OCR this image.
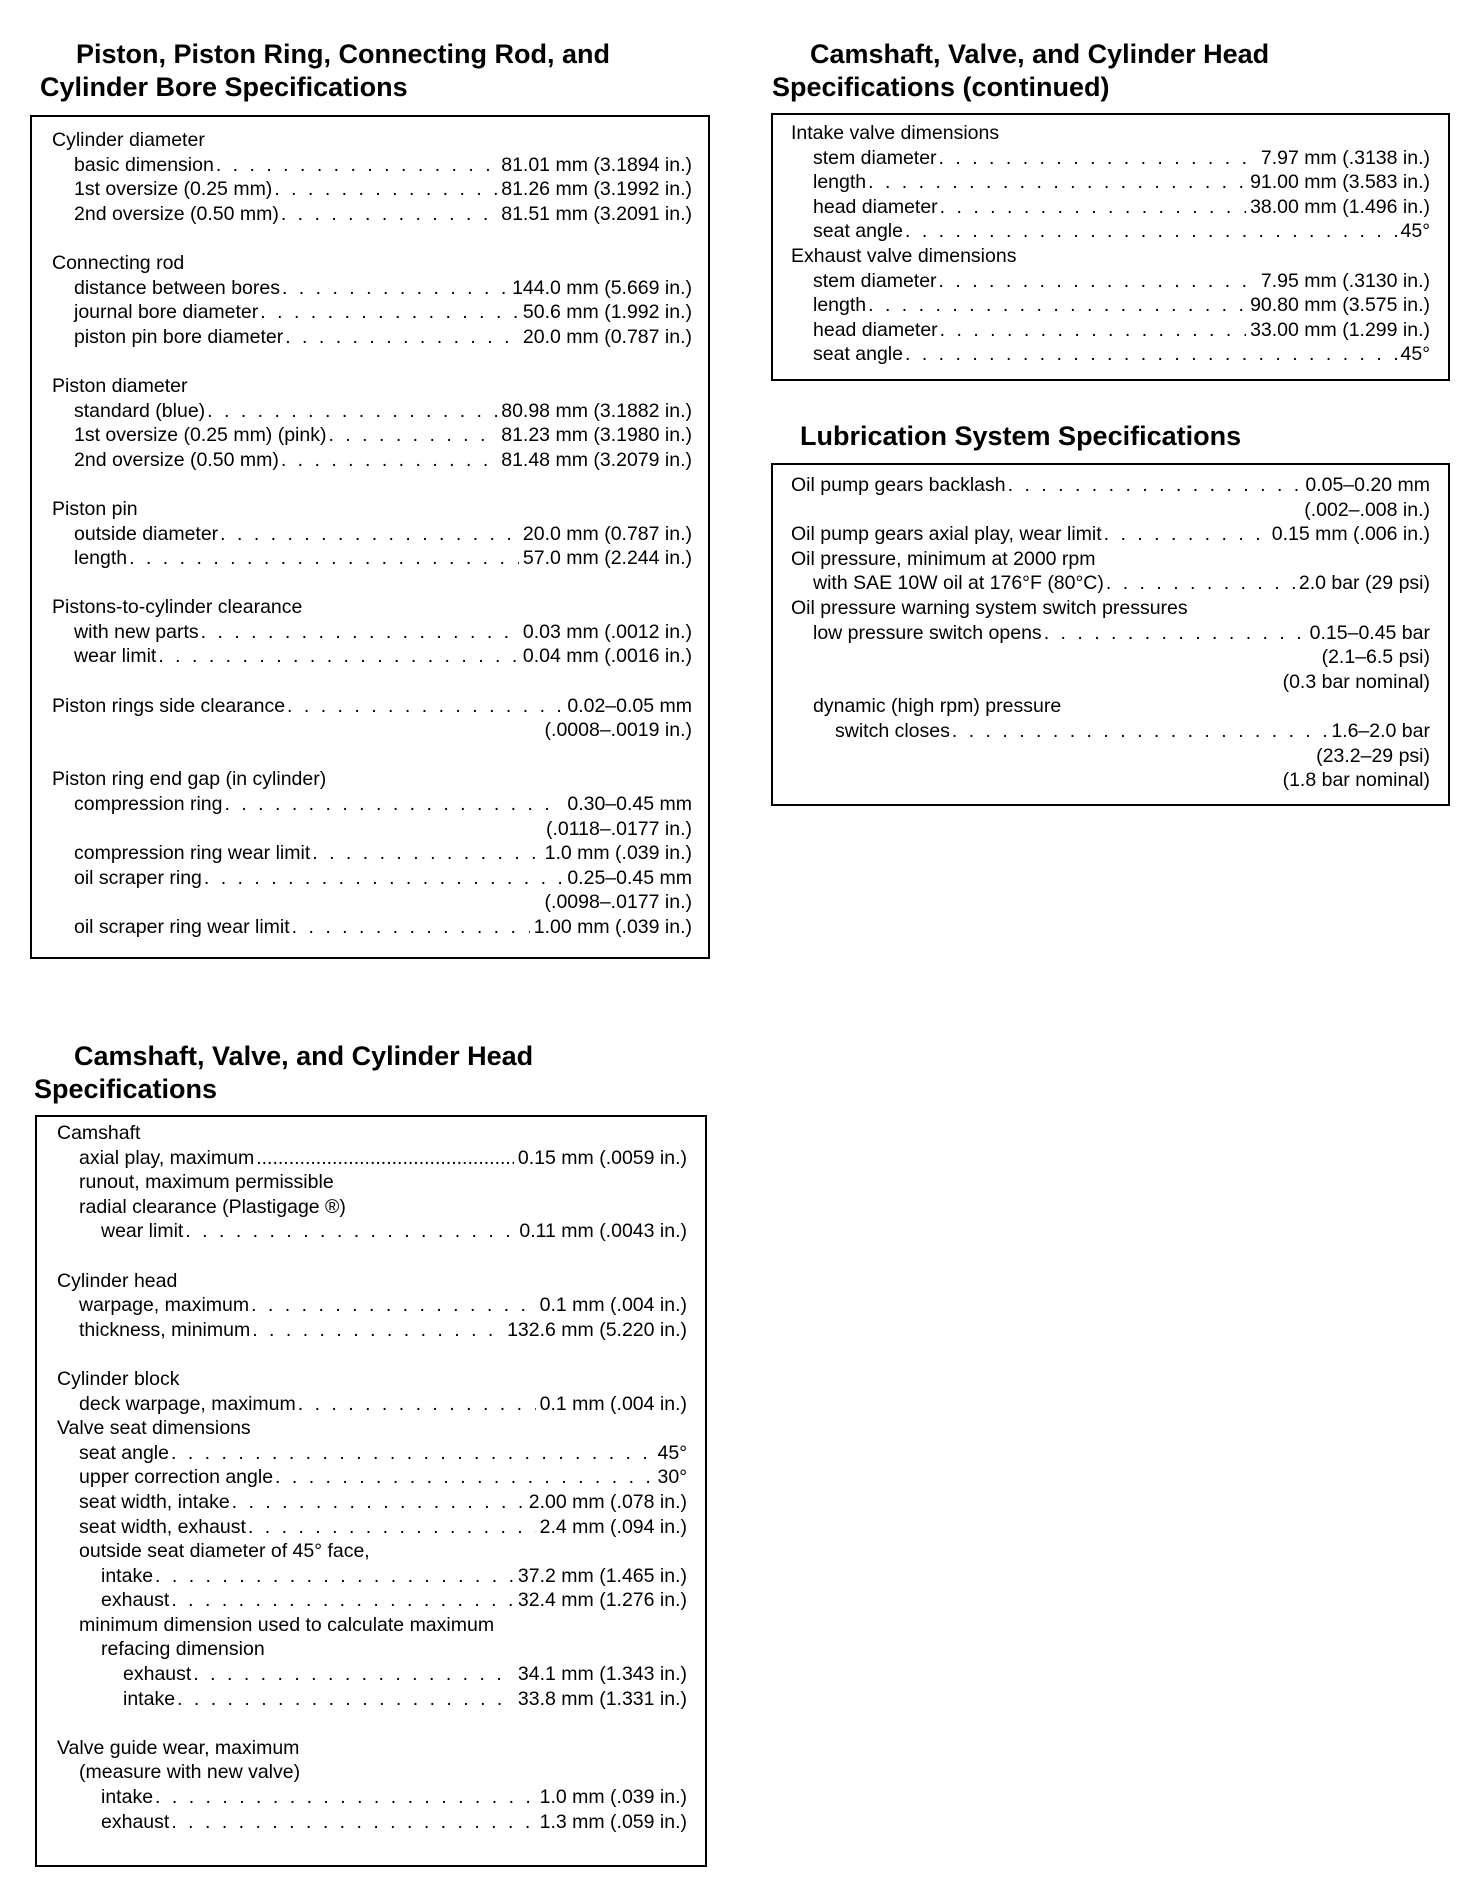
Piston, Piston Ring, Connecting Rod, and
Cylinder Bore Specifications
Cylinder diameter
basic dimension . . .	81.01 mm (3.1894 in.)
1st oversize (0.25 mm) . . .	81.26 mm (3.1992 in.)
2nd oversize (0.50 mm) . . .	81.51 mm (3.2091 in.)
Connecting rod
distance between bores . . .	144.0 mm (5.669 in.)
journal bore diameter . . .	50.6 mm (1.992 in.)
piston pin bore diameter . . .	20.0 mm (0.787 in.)
Piston diameter
standard (blue) . . .	80.98 mm (3.1882 in.)
1st oversize (0.25 mm) (pink) . . .	81.23 mm (3.1980 in.)
2nd oversize (0.50 mm) . . .	81.48 mm (3.2079 in.)
Piston pin
outside diameter . . .	20.0 mm (0.787 in.)
length . . .	57.0 mm (2.244 in.)
Pistons-to-cylinder clearance
with new parts . . .	0.03 mm (.0012 in.)
wear limit . . .	0.04 mm (.0016 in.)
Piston rings side clearance . . .	0.02–0.05 mm
(.0008–.0019 in.)
Piston ring end gap (in cylinder)
compression ring . . .	0.30–0.45 mm
(.0118–.0177 in.)
compression ring wear limit . . .	1.0 mm (.039 in.)
oil scraper ring . . .	0.25–0.45 mm
(.0098–.0177 in.)
oil scraper ring wear limit . . .	1.00 mm (.039 in.)
Camshaft, Valve, and Cylinder Head
Specifications
Camshaft
axial play, maximum .....	0.15 mm (.0059 in.)
runout, maximum permissible
radial clearance (Plastigage ®)
wear limit . . .	0.11 mm (.0043 in.)
Cylinder head
warpage, maximum . . .	0.1 mm (.004 in.)
thickness, minimum . . .	132.6 mm (5.220 in.)
Cylinder block
deck warpage, maximum . . .	0.1 mm (.004 in.)
Valve seat dimensions
seat angle . . .	45°
upper correction angle . . .	30°
seat width, intake . . .	2.00 mm (.078 in.)
seat width, exhaust . . .	2.4 mm (.094 in.)
outside seat diameter of 45° face,
intake . . .	37.2 mm (1.465 in.)
exhaust . . .	32.4 mm (1.276 in.)
minimum dimension used to calculate maximum
refacing dimension
exhaust . . .	34.1 mm (1.343 in.)
intake . . .	33.8 mm (1.331 in.)
Valve guide wear, maximum
(measure with new valve)
intake . . .	1.0 mm (.039 in.)
exhaust . . .	1.3 mm (.059 in.)
Camshaft, Valve, and Cylinder Head
Specifications (continued)
Intake valve dimensions
stem diameter . . .	7.97 mm (.3138 in.)
length . . .	91.00 mm (3.583 in.)
head diameter . . .	38.00 mm (1.496 in.)
seat angle . . .	45°
Exhaust valve dimensions
stem diameter . . .	7.95 mm (.3130 in.)
length . . .	90.80 mm (3.575 in.)
head diameter . . .	33.00 mm (1.299 in.)
seat angle . . .	45°
Lubrication System Specifications
Oil pump gears backlash . . .	0.05–0.20 mm
(.002–.008 in.)
Oil pump gears axial play, wear limit . . .	0.15 mm (.006 in.)
Oil pressure, minimum at 2000 rpm
with SAE 10W oil at 176°F (80°C) . . .	2.0 bar (29 psi)
Oil pressure warning system switch pressures
low pressure switch opens . . .	0.15–0.45 bar
(2.1–6.5 psi)
(0.3 bar nominal)
dynamic (high rpm) pressure
switch closes . . .	1.6–2.0 bar
(23.2–29 psi)
(1.8 bar nominal)
